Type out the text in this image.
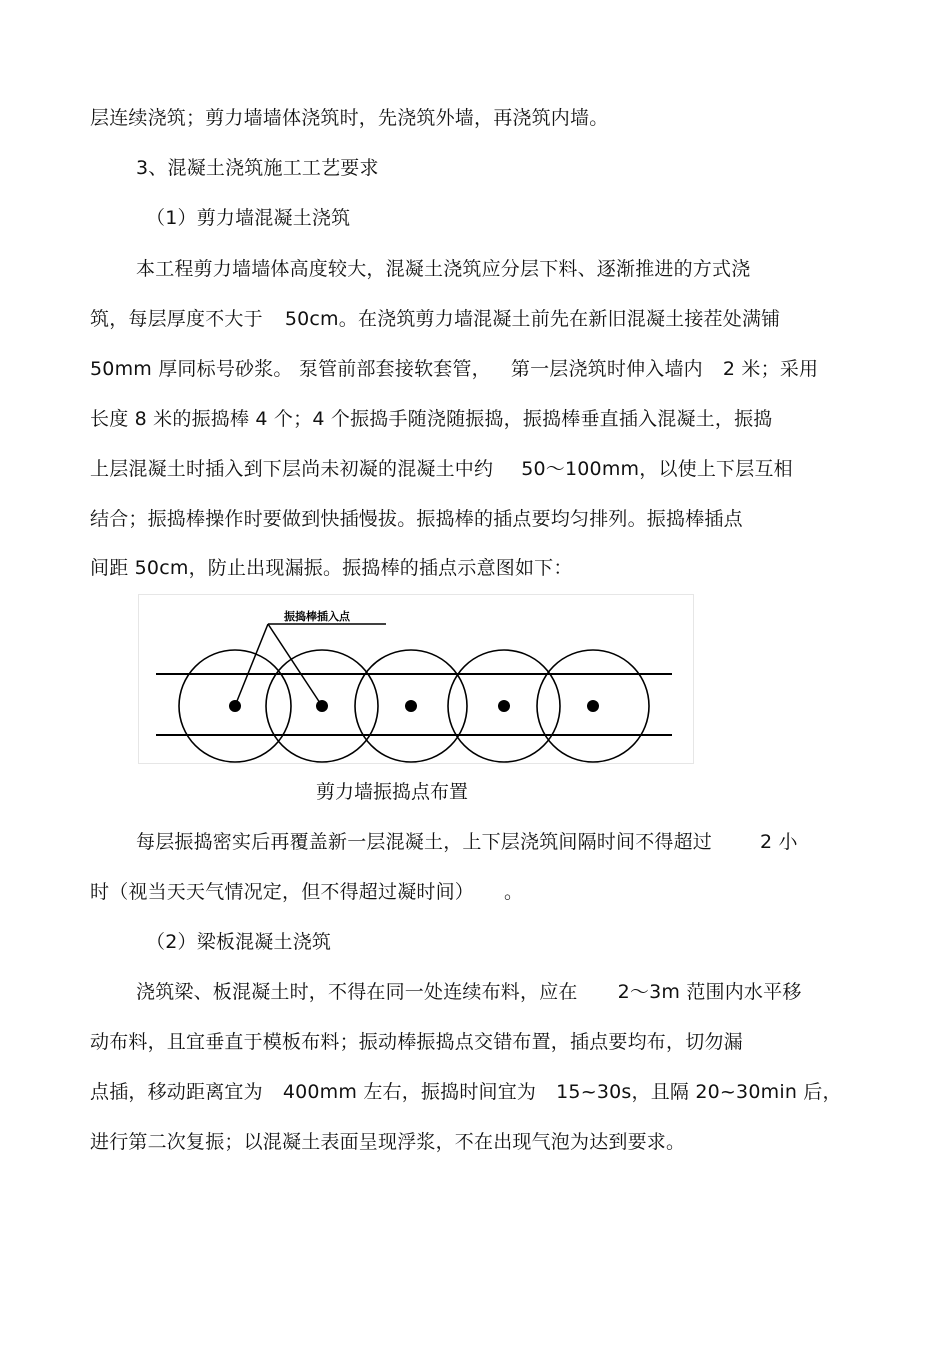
层连续浇筑；剪力墙墙体浇筑时，先浇筑外墙，再浇筑内墙。
3、混凝土浇筑施工工艺要求
（1）剪力墙混凝土浇筑
本工程剪力墙墙体高度较大，混凝土浇筑应分层下料、逐渐推进的方式浇
筑，每层厚度不大于 50cm。在浇筑剪力墙混凝土前先在新旧混凝土接茬处满铺
50mm 厚同标号砂浆。 泵管前部套接软套管， 第一层浇筑时伸入墙内 2 米；采用
长度 8 米的振捣棒 4 个；4 个振捣手随浇随振捣，振捣棒垂直插入混凝土，振捣
上层混凝土时插入到下层尚未初凝的混凝土中约 50～100mm，以使上下层互相
结合；振捣棒操作时要做到快插慢拔。振捣棒的插点要均匀排列。振捣棒插点
间距 50cm，防止出现漏振。振捣棒的插点示意图如下：
振捣棒插入点
剪力墙振捣点布置
每层振捣密实后再覆盖新一层混凝土，上下层浇筑间隔时间不得超过	2 小
时（视当天天气情况定，但不得超过凝时间） 。
（2）梁板混凝土浇筑
浇筑梁、板混凝土时，不得在同一处连续布料，应在 2～3m 范围内水平移
动布料，且宜垂直于模板布料；振动棒振捣点交错布置，插点要均布，切勿漏
点插，移动距离宜为 400mm 左右，振捣时间宜为 15~30s，且隔 20~30min 后，
进行第二次复振；以混凝土表面呈现浮浆，不在出现气泡为达到要求。
